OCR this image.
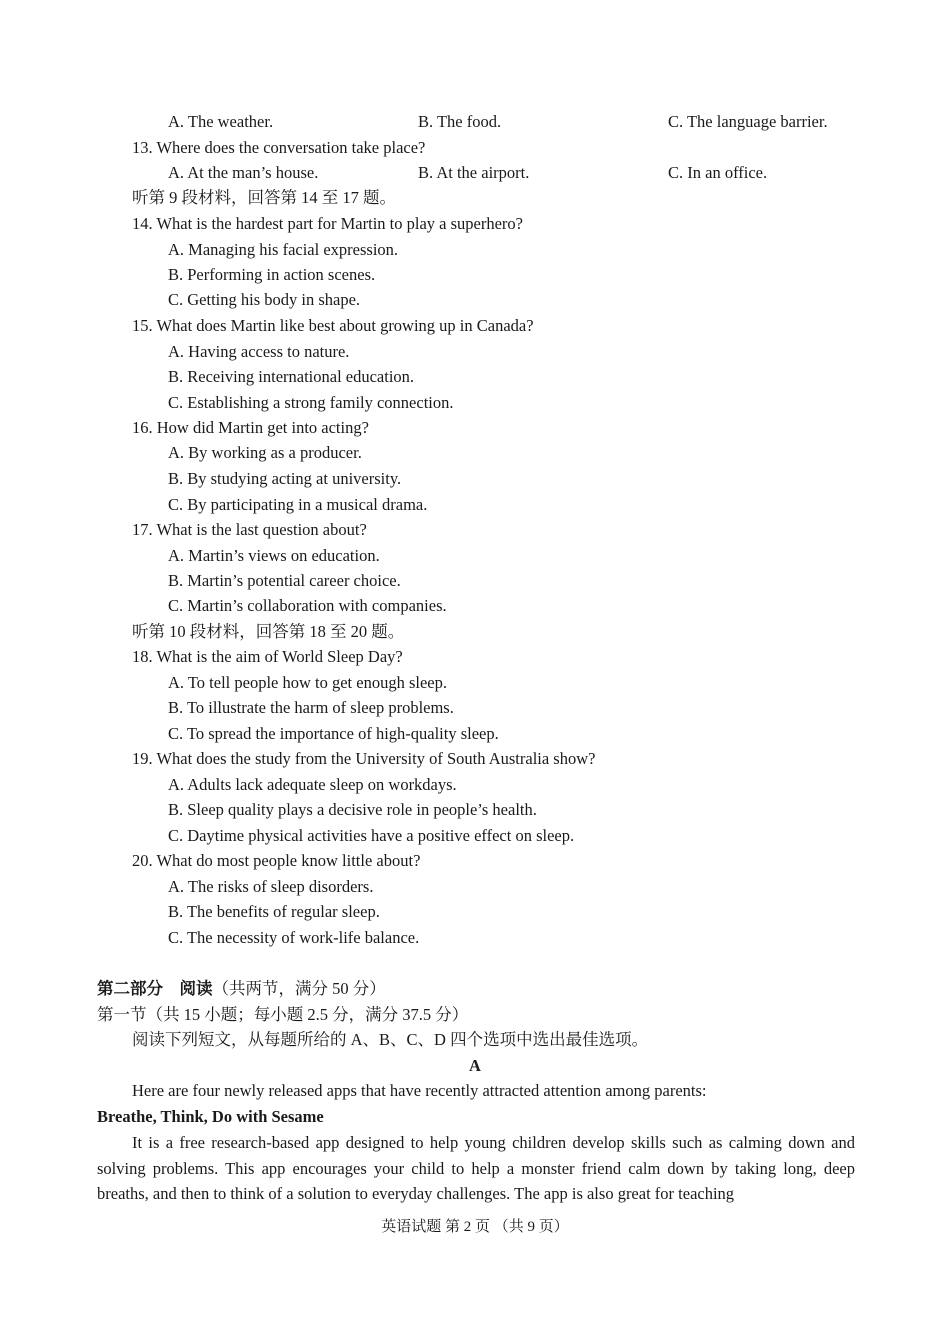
A. The weather.	B. The food.	C. The language barrier.
13. Where does the conversation take place?
A. At the man’s house.	B. At the airport.	C. In an office.
听第 9 段材料，回答第 14 至 17 题。
14. What is the hardest part for Martin to play a superhero?
A. Managing his facial expression.
B. Performing in action scenes.
C. Getting his body in shape.
15. What does Martin like best about growing up in Canada?
A. Having access to nature.
B. Receiving international education.
C. Establishing a strong family connection.
16. How did Martin get into acting?
A. By working as a producer.
B. By studying acting at university.
C. By participating in a musical drama.
17. What is the last question about?
A. Martin’s views on education.
B. Martin’s potential career choice.
C. Martin’s collaboration with companies.
听第 10 段材料，回答第 18 至 20 题。
18. What is the aim of World Sleep Day?
A. To tell people how to get enough sleep.
B. To illustrate the harm of sleep problems.
C. To spread the importance of high-quality sleep.
19. What does the study from the University of South Australia show?
A. Adults lack adequate sleep on workdays.
B. Sleep quality plays a decisive role in people’s health.
C. Daytime physical activities have a positive effect on sleep.
20. What do most people know little about?
A. The risks of sleep disorders.
B. The benefits of regular sleep.
C. The necessity of work-life balance.
第二部分　阅读（共两节，满分 50 分）
第一节（共 15 小题；每小题 2.5 分，满分 37.5 分）
阅读下列短文，从每题所给的 A、B、C、D 四个选项中选出最佳选项。
A
Here are four newly released apps that have recently attracted attention among parents:
Breathe, Think, Do with Sesame
It is a free research-based app designed to help young children develop skills such as calming down and solving problems. This app encourages your child to help a monster friend calm down by taking long, deep breaths, and then to think of a solution to everyday challenges. The app is also great for teaching
英语试题 第 2 页 （共 9 页）
